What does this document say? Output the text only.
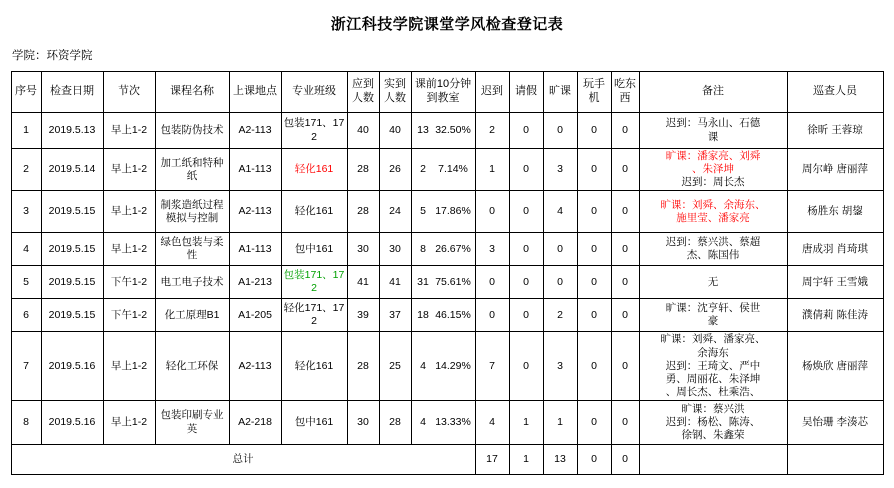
浙江科技学院课堂学风检查登记表
学院：环资学院
序号	检查日期	节次	课程名称	上课地点	专业班级	应到人数	实到人数	课前10分钟到教室	迟到	请假	旷课	玩手机	吃东西	备注	巡查人员
1	2019.5.13	早上1-2	包装防伪技术	A2-113	包装171、172	40	40	13 32.50%	2	0	0	0	0	迟到：马永山、石德
课	徐昕 王蓉琼
2	2019.5.14	早上1-2	加工纸和特种纸	A1-113	轻化161	28	26	2 7.14%	1	0	3	0	0	旷课：潘家亮、刘舜
、朱泽坤
迟到：周长杰	周尔峥 唐丽萍
3	2019.5.15	早上1-2	制浆造纸过程模拟与控制	A2-113	轻化161	28	24	5 17.86%	0	0	4	0	0	旷课：刘舜、余海东、
施里莹、潘家亮	杨胜东 胡鋆
4	2019.5.15	早上1-2	绿色包装与柔性	A1-113	包中161	30	30	8 26.67%	3	0	0	0	0	迟到：蔡兴洪、蔡超
杰、陈国伟	唐成羽 肖琦琪
5	2019.5.15	下午1-2	电工电子技术	A1-213	包装171、172	41	41	31 75.61%	0	0	0	0	0	无	周宇轩 王雪娥
6	2019.5.15	下午1-2	化工原理B1	A1-205	轻化171、172	39	37	18 46.15%	0	0	2	0	0	旷课：沈亨轩、侯世
豪	濮倩莉 陈佳涛
7	2019.5.16	早上1-2	轻化工环保	A2-113	轻化161	28	25	4 14.29%	7	0	3	0	0	旷课：刘舜、潘家亮、
余海东
迟到：王琦文、严中
勇、周丽花、朱泽坤
、周长杰、杜乘浩、	杨焕欣 唐丽萍
8	2019.5.16	早上1-2	包装印刷专业英	A2-218	包中161	30	28	4 13.33%	4	1	1	0	0	旷课：蔡兴洪
迟到：杨松、陈涛、
徐钢、朱鑫荣	吴怡珊 李湊芯
总计									17	1	13	0	0		
